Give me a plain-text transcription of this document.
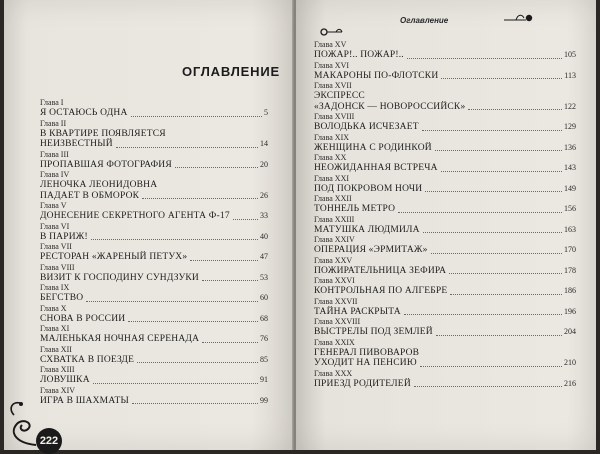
ОГЛАВЛЕНИЕ
Глава I
Я ОСТАЮСЬ ОДНА	5
Глава II
В КВАРТИРЕ ПОЯВЛЯЕТСЯ
НЕИЗВЕСТНЫЙ	14
Глава III
ПРОПАВШАЯ ФОТОГРАФИЯ	20
Глава IV
ЛЕНОЧКА ЛЕОНИДОВНА
ПАДАЕТ В ОБМОРОК	26
Глава V
ДОНЕСЕНИЕ СЕКРЕТНОГО АГЕНТА Ф-17	33
Глава VI
В ПАРИЖ!	40
Глава VII
РЕСТОРАН «ЖАРЕНЫЙ ПЕТУХ»	47
Глава VIII
ВИЗИТ К ГОСПОДИНУ СУНДЗУКИ	53
Глава IX
БЕГСТВО	60
Глава X
СНОВА В РОССИИ	68
Глава XI
МАЛЕНЬКАЯ НОЧНАЯ СЕРЕНАДА	76
Глава XII
СХВАТКА В ПОЕЗДЕ	85
Глава XIII
ЛОВУШКА	91
Глава XIV
ИГРА В ШАХМАТЫ	99
222
Оглавление
Глава XV
ПОЖАР!.. ПОЖАР!..	105
Глава XVI
МАКАРОНЫ ПО-ФЛОТСКИ	113
Глава XVII
ЭКСПРЕСС
«ЗАДОНСК — НОВОРОССИЙСК»	122
Глава XVIII
ВОЛОДЬКА ИСЧЕЗАЕТ	129
Глава XIX
ЖЕНЩИНА С РОДИНКОЙ	136
Глава XX
НЕОЖИДАННАЯ ВСТРЕЧА	143
Глава XXI
ПОД ПОКРОВОМ НОЧИ	149
Глава XXII
ТОННЕЛЬ МЕТРО	156
Глава XXIII
МАТУШКА ЛЮДМИЛА	163
Глава XXIV
ОПЕРАЦИЯ «ЭРМИТАЖ»	170
Глава XXV
ПОЖИРАТЕЛЬНИЦА ЗЕФИРА	178
Глава XXVI
КОНТРОЛЬНАЯ ПО АЛГЕБРЕ	186
Глава XXVII
ТАЙНА РАСКРЫТА	196
Глава XXVIII
ВЫСТРЕЛЫ ПОД ЗЕМЛЕЙ	204
Глава XXIX
ГЕНЕРАЛ ПИВОВАРОВ
УХОДИТ НА ПЕНСИЮ	210
Глава XXX
ПРИЕЗД РОДИТЕЛЕЙ	216
